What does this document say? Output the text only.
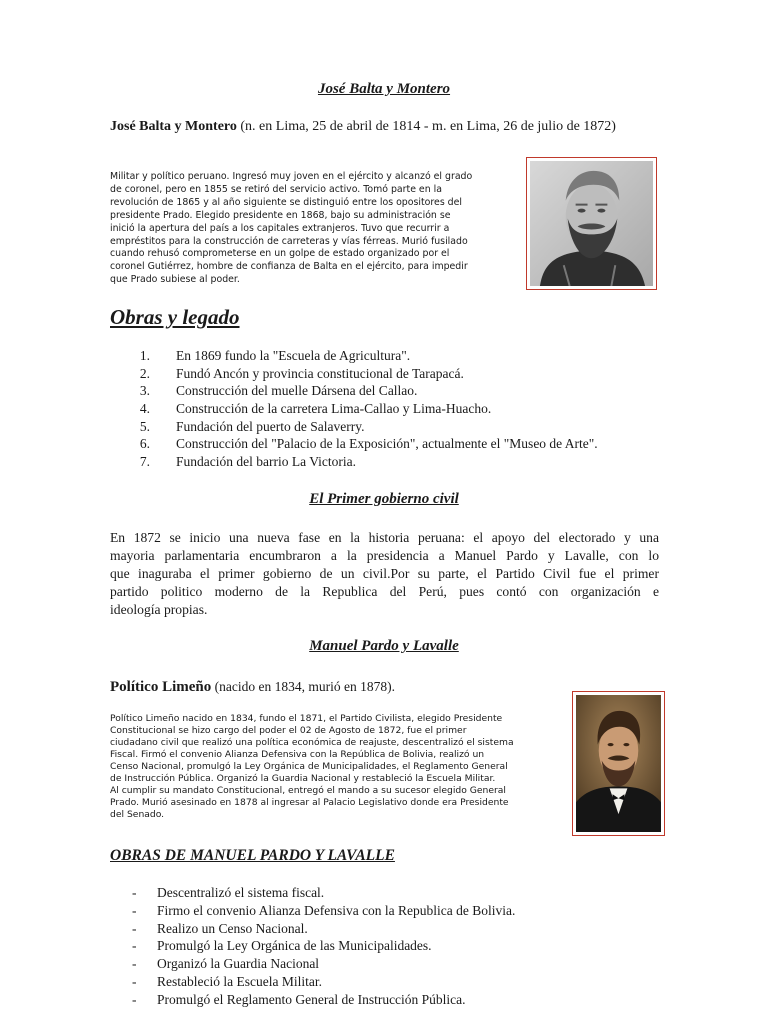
José Balta y Montero
José Balta y Montero (n. en Lima, 25 de abril de 1814 - m. en Lima, 26 de julio de 1872)
Militar y político peruano. Ingresó muy joven en el ejército y alcanzó el grado
de coronel, pero en 1855 se retiró del servicio activo. Tomó parte en la
revolución de 1865 y al año siguiente se distinguió entre los opositores del
presidente Prado. Elegido presidente en 1868, bajo su administración se
inició la apertura del país a los capitales extranjeros. Tuvo que recurrir a
empréstitos para la construcción de carreteras y vías férreas. Murió fusilado
cuando rehusó comprometerse en un golpe de estado organizado por el
coronel Gutiérrez, hombre de confianza de Balta en el ejército, para impedir
que Prado subiese al poder.
Obras y legado
1. En 1869 fundo la "Escuela de Agricultura".
2. Fundó Ancón y provincia constitucional de Tarapacá.
3. Construcción del muelle Dársena del Callao.
4. Construcción de la carretera Lima-Callao y Lima-Huacho.
5. Fundación del puerto de Salaverry.
6. Construcción del "Palacio de la Exposición", actualmente el "Museo de Arte".
7. Fundación del barrio La Victoria.
El Primer gobierno civil
En 1872 se inicio una nueva fase en la historia peruana: el apoyo del electorado y una
mayoria parlamentaria encumbraron a la presidencia a Manuel Pardo y Lavalle, con lo
que inaguraba el primer gobierno de un civil.Por su parte, el Partido Civil fue el primer
partido politico moderno de la Republica del Perú, pues contó con organización e
ideología propias.
Manuel Pardo y Lavalle
Político Limeño (nacido en 1834, murió en 1878).
Político Limeño nacido en 1834, fundo el 1871, el Partido Civilista, elegido Presidente
Constitucional se hizo cargo del poder el 02 de Agosto de 1872, fue el primer
ciudadano civil que realizó una política económica de reajuste, descentralizó el sistema
Fiscal. Firmó el convenio Alianza Defensiva con la República de Bolivia, realizó un
Censo Nacional, promulgó la Ley Orgánica de Municipalidades, el Reglamento General
de Instrucción Pública. Organizó la Guardia Nacional y restableció la Escuela Militar.
Al cumplir su mandato Constitucional, entregó el mando a su sucesor elegido General
Prado. Murió asesinado en 1878 al ingresar al Palacio Legislativo donde era Presidente
del Senado.
OBRAS DE MANUEL PARDO Y LAVALLE
- Descentralizó el sistema fiscal.
- Firmo el convenio Alianza Defensiva con la Republica de Bolivia.
- Realizo un Censo Nacional.
- Promulgó la Ley Orgánica de las Municipalidades.
- Organizó la Guardia Nacional
- Restableció la Escuela Militar.
- Promulgó el Reglamento General de Instrucción Pública.
